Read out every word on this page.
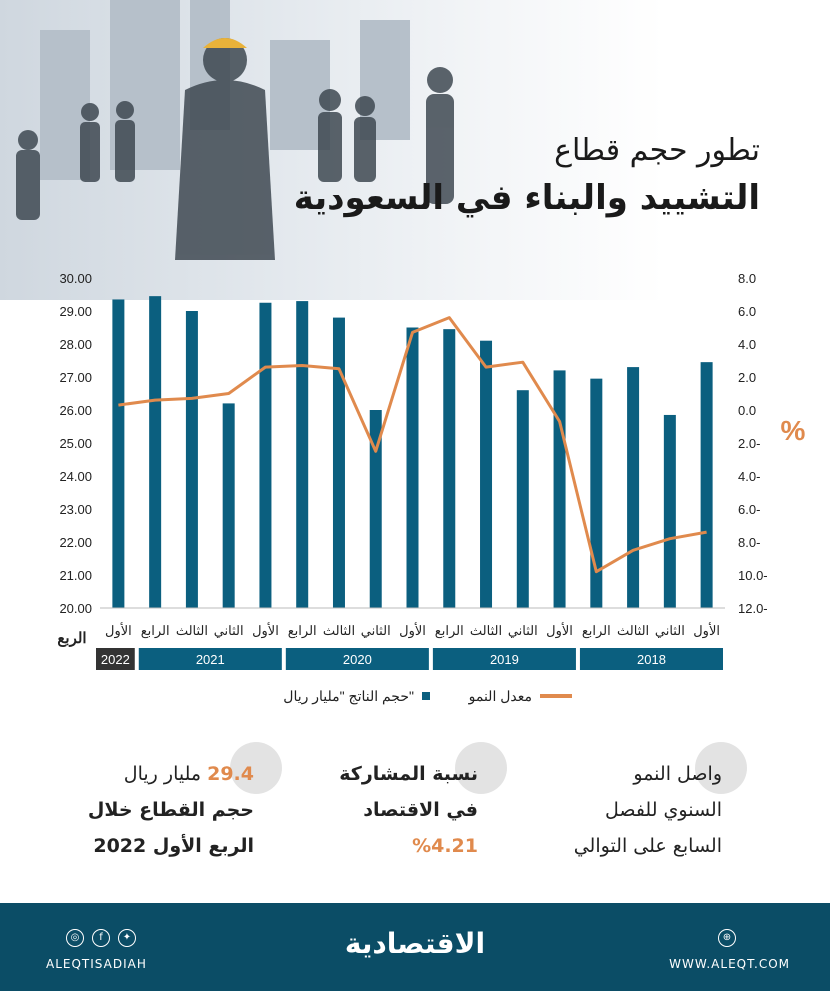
تطور حجم قطاع
التشييد والبناء في السعودية
30.00
29.00
28.00
27.00
26.00
25.00
24.00
23.00
22.00
21.00
20.00
8.0
6.0
4.0
2.0
0.0
2.0-
4.0-
6.0-
8.0-
10.0-
12.0-
%
الأول الرابع الثالث الثاني الأول الرابع الثالث الثاني الأول الرابع الثالث الثاني الأول الرابع الثالث الثاني الأول
الربع
2022	2021	2020	2019	2018
حجم الناتج "مليار ريال"	معدل النمو
29.4 مليار ريال
حجم القطاع خلال
الربع الأول 2022
نسبة المشاركة
في الاقتصاد
%4.21
واصل النمو
السنوي للفصل
السابع على التوالي
◎	f	✦
ALEQTISADIAH
الاقتصادية	⊕
WWW.ALEQT.COM
